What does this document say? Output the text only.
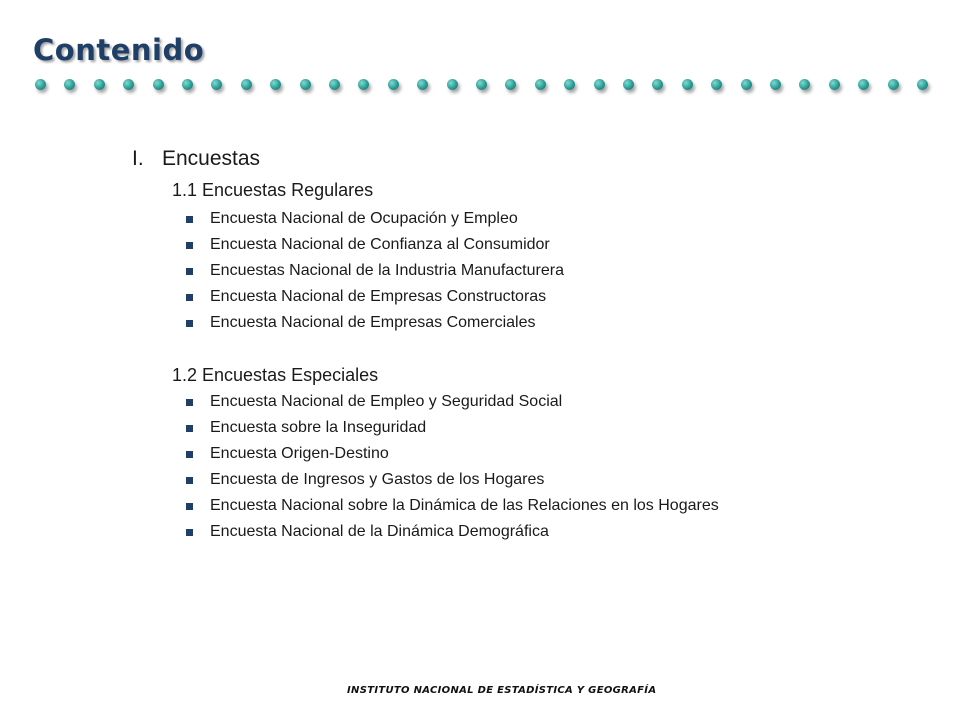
Contenido
I. Encuestas
1.1 Encuestas Regulares
Encuesta Nacional de Ocupación y Empleo
Encuesta Nacional de Confianza al Consumidor
Encuestas Nacional de la Industria Manufacturera
Encuesta Nacional de Empresas Constructoras
Encuesta Nacional de Empresas Comerciales
1.2 Encuestas Especiales
Encuesta Nacional de Empleo y Seguridad Social
Encuesta sobre la Inseguridad
Encuesta Origen-Destino
Encuesta de Ingresos y Gastos de los Hogares
Encuesta Nacional sobre la Dinámica de las Relaciones en los Hogares
Encuesta Nacional de la Dinámica Demográfica
INSTITUTO NACIONAL DE ESTADÍSTICA Y GEOGRAFÍA
